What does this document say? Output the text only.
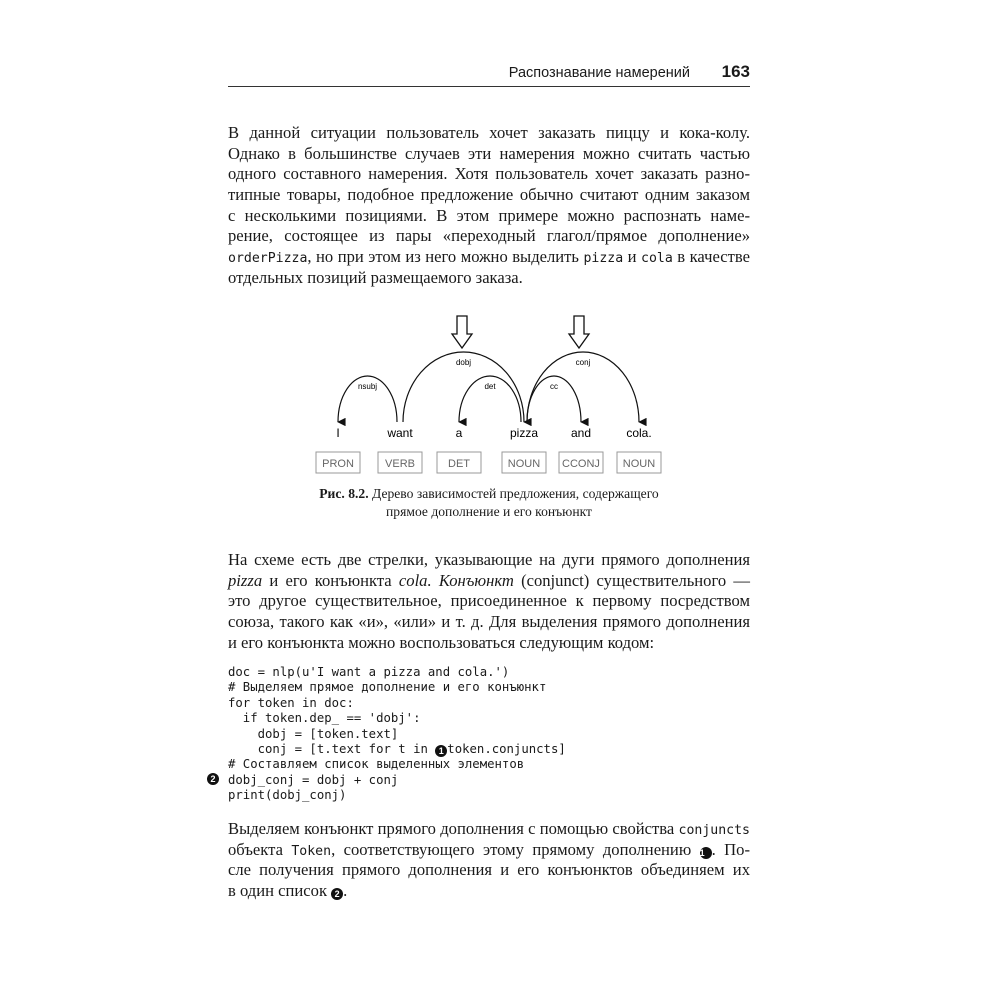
Распознавание намерений 163
В данной ситуации пользователь хочет заказать пиццу и кока-колу.
Однако в большинстве случаев эти намерения можно считать частью
одного составного намерения. Хотя пользователь хочет заказать разно-
типные товары, подобное предложение обычно считают одним заказом
с несколькими позициями. В этом примере можно распознать наме-
рение, состоящее из пары «переходный глагол/прямое дополнение»
orderPizza, но при этом из него можно выделить pizza и cola в качестве
отдельных позиций размещаемого заказа.
nsubj
dobj
det
conj
cc
I
PRON
want
VERB
a
DET
pizza
NOUN
and
CCONJ
cola.
NOUN
Рис. 8.2. Дерево зависимостей предложения, содержащего
прямое дополнение и его конъюнкт
На схеме есть две стрелки, указывающие на дуги прямого дополнения
pizza и его конъюнкта cola. Конъюнкт (conjunct) существительного —
это другое существительное, присоединенное к первому посредством
союза, такого как «и», «или» и т. д. Для выделения прямого дополнения
и его конъюнкта можно воспользоваться следующим кодом:
doc = nlp(u'I want a pizza and cola.')
# Выделяем прямое дополнение и его конъюнкт
for token in doc:
if token.dep_ == 'dobj':
dobj = [token.text]
conj = [t.text for t in 1 token.conjuncts]
# Составляем список выделенных элементов
dobj_conj = dobj + conj
print(dobj_conj)
2
Выделяем конъюнкт прямого дополнения с помощью свойства conjuncts
объекта Token, соответствующего этому прямому дополнению 1 . По-
сле получения прямого дополнения и его конъюнктов объединяем их
в один список 2 .
